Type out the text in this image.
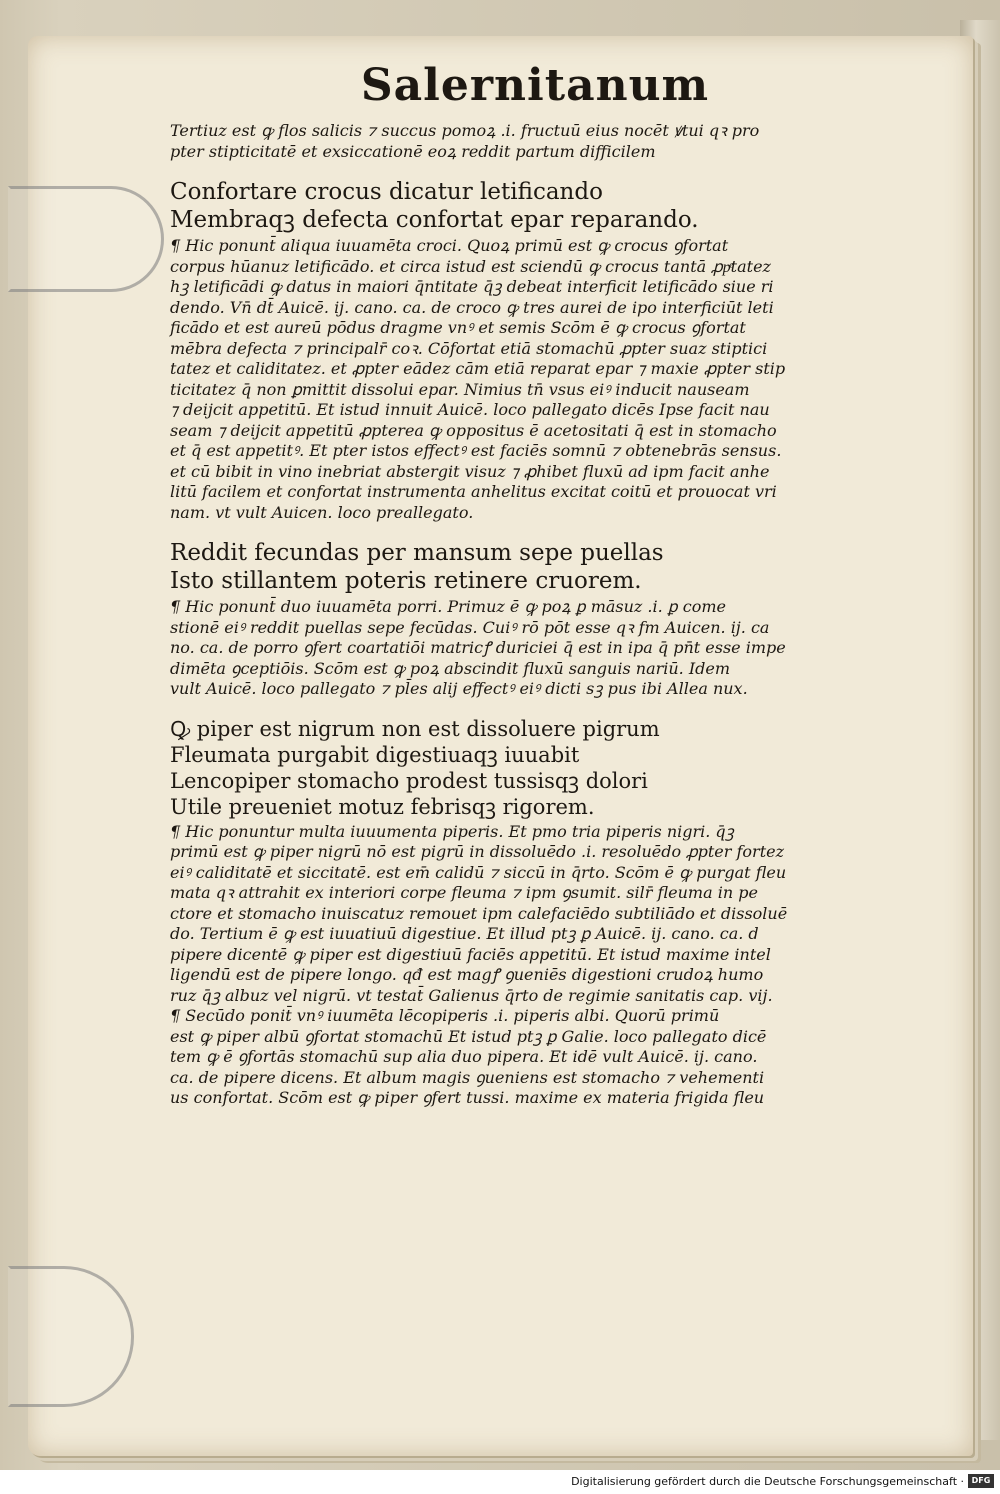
Salernitanum

Tertiuz est ꝙ flos salicis ⁊ succus pomoꝝ .i. fructuū eius nocēt ꝟtui qꝛ pro

pter stipticitatē et exsiccationē eoꝝ reddit partum difficilem

Confortare crocus dicatur letificando

Membraqꝫ defecta confortat epar reparando.

¶ Hic ponunt̄ aliqua iuuamēta croci. Quoꝝ primū est ꝙ crocus ꝯfortat

corpus hūanuz letificādo. et circa istud est sciendū ꝙ crocus tantā ꝓpͤtatez

hꝫ letificādi ꝙ datus in maiori q̄ntitate q̄ꝫ debeat interficit letificādo siue ri

dendo. Vn̄ dt̄ Auicē. ij. cano. ca. de croco ꝙ tres aurei de ipo interficiūt leti

ficādo et est aureū pōdus dragme vnꝰ et semis Scōm ē ꝙ crocus ꝯfortat

mēbra defecta ⁊ principalr̄ coꝛ. Cōfortat etiā stomachū ꝓpter suaz stiptici

tatez et caliditatez. et ꝓpter eādez cām etiā reparat epar ⁊ maxie ꝓpter stip

ticitatez q̄ non ꝑmittit dissolui epar. Nimius tn̄ vsus eiꝰ inducit nauseam

⁊ deijcit appetitū. Et istud innuit Auicē. loco pallegato dicēs Ipse facit nau

seam ⁊ deijcit appetitū ꝓpterea ꝙ oppositus ē acetositati q̄ est in stomacho

et q̄ est appetitꝰ. Et pter istos effectꝰ est faciēs somnū ⁊ obtenebrās sensus.

et cū bibit in vino inebriat abstergit visuz ⁊ ꝓhibet fluxū ad ipm facit anhe

litū facilem et confortat instrumenta anhelitus excitat coitū et prouocat vri

nam. vt vult Auicen. loco preallegato.

Reddit fecundas per mansum sepe puellas

Isto stillantem poteris retinere cruorem.

¶ Hic ponunt̄ duo iuuamēta porri. Primuz ē ꝙ poꝝ ꝑ māsuz .i. ꝑ come

stionē eiꝰ reddit puellas sepe fecūdas. Cuiꝰ rō pōt esse qꝛ fm Auicen. ij. ca

no. ca. de porro ꝯfert coartatiōi matricꝭ duriciei q̄ est in ipa q̄ pn̄t esse impe

dimēta ꝯceptiōis. Scōm est ꝙ poꝝ abscindit fluxū sanguis nariū. Idem

vult Auicē. loco pallegato ⁊ pl̄es alij effectꝰ eiꝰ dicti sꝫ pus ibi Allea nux.

Ꝙ piper est nigrum non est dissoluere pigrum

Fleumata purgabit digestiuaqꝫ iuuabit

Lencopiper stomacho prodest tussisqꝫ dolori

Utile preueniet motuz febrisqꝫ rigorem.

¶ Hic ponuntur multa iuuumenta piperis. Et pmo tria piperis nigri. q̄ꝫ

primū est ꝙ piper nigrū nō est pigrū in dissoluēdo .i. resoluēdo ꝓpter fortez

eiꝰ caliditatē et siccitatē. est em̄ calidū ⁊ siccū in q̄rto. Scōm ē ꝙ purgat fleu

mata qꝛ attrahit ex interiori corpe fleuma ⁊ ipm ꝯsumit. silr̄ fleuma in pe

ctore et stomacho inuiscatuz remouet ipm calefaciēdo subtiliādo et dissoluē

do. Tertium ē ꝙ est iuuatiuū digestiue. Et illud ptꝫ ꝑ Auicē. ij. cano. ca. d

pipere dicentē ꝙ piper est digestiuū faciēs appetitū. Et istud maxime intel

ligendū est de pipere longo. qđ est magꝭ ꝯueniēs digestioni crudoꝝ humo

ruz q̄ꝫ albuz vel nigrū. vt testat̄ Galienus q̄rto de regimie sanitatis cap. vij.

¶ Secūdo ponit̄ vnꝰ iuumēta lēcopiperis .i. piperis albi. Quorū primū

est ꝙ piper albū ꝯfortat stomachū Et istud ptꝫ ꝑ Galie. loco pallegato dicē

tem ꝙ ē ꝯfortās stomachū sup alia duo pipera. Et idē vult Auicē. ij. cano.

ca. de pipere dicens. Et album magis ꝯueniens est stomacho ⁊ vehementi

us confortat. Scōm est ꝙ piper ꝯfert tussi. maxime ex materia frigida fleu

Digitalisierung gefördert durch die Deutsche Forschungsgemeinschaft · DFG
